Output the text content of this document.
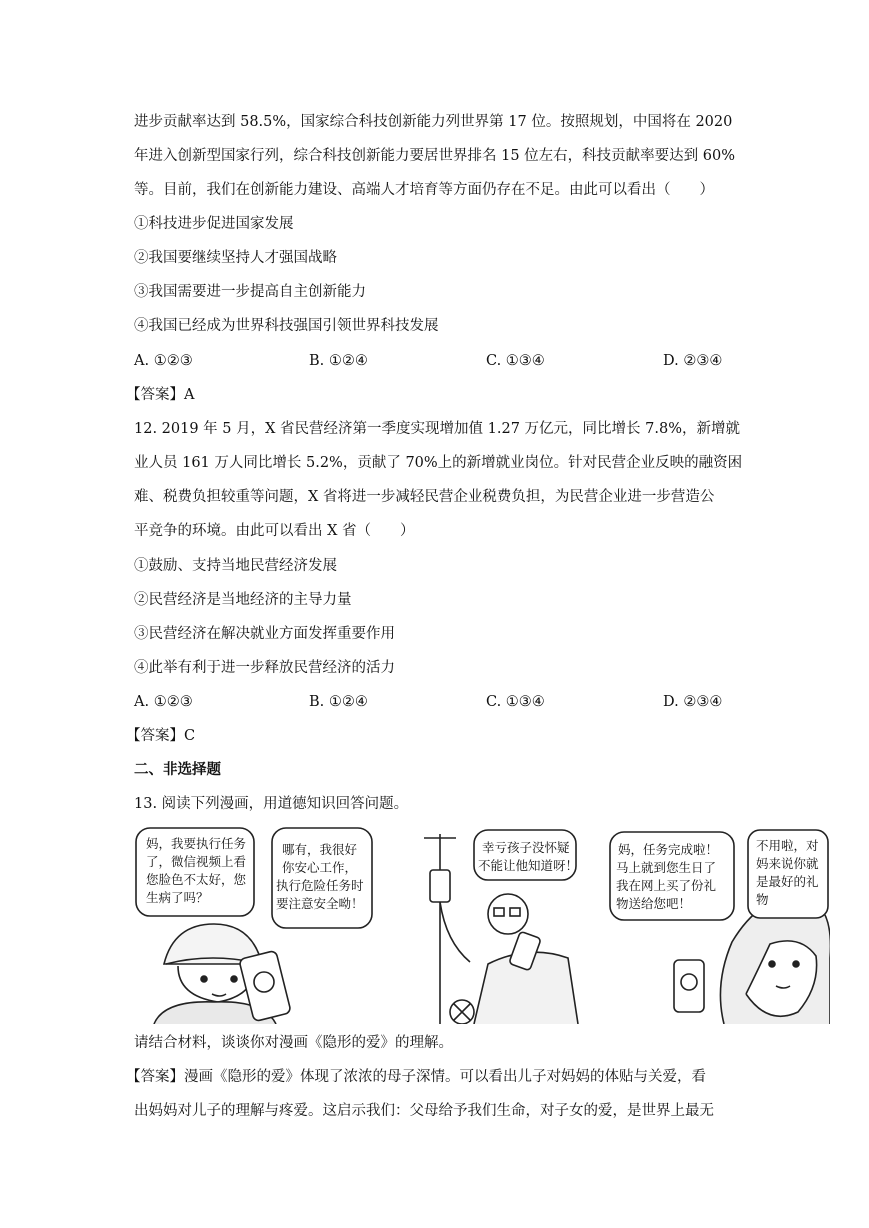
进步贡献率达到 58.5%，国家综合科技创新能力列世界第 17 位。按照规划，中国将在 2020
年进入创新型国家行列，综合科技创新能力要居世界排名 15 位左右，科技贡献率要达到 60%
等。目前，我们在创新能力建设、高端人才培育等方面仍存在不足。由此可以看出（　　）
①科技进步促进国家发展
②我国要继续坚持人才强国战略
③我国需要进一步提高自主创新能力
④我国已经成为世界科技强国引领世界科技发展
A. ①②③	B. ①②④	C. ①③④	D. ②③④
【答案】A
12. 2019 年 5 月，X 省民营经济第一季度实现增加值 1.27 万亿元，同比增长 7.8%，新增就
业人员 161 万人同比增长 5.2%，贡献了 70%上的新增就业岗位。针对民营企业反映的融资困
难、税费负担较重等问题，X 省将进一步减轻民营企业税费负担，为民营企业进一步营造公
平竞争的环境。由此可以看出 X 省（　　）
①鼓励、支持当地民营经济发展
②民营经济是当地经济的主导力量
③民营经济在解决就业方面发挥重要作用
④此举有利于进一步释放民营经济的活力
A. ①②③	B. ①②④	C. ①③④	D. ②③④
【答案】C
二、非选择题
13. 阅读下列漫画，用道德知识回答问题。
请结合材料，谈谈你对漫画《隐形的爱》的理解。
【答案】漫画《隐形的爱》体现了浓浓的母子深情。可以看出儿子对妈妈的体贴与关爱，看
出妈妈对儿子的理解与疼爱。这启示我们：父母给予我们生命，对子女的爱，是世界上最无
妈，我要执行任务
了，微信视频上看
您脸色不太好，您
生病了吗？
哪有，我很好
你安心工作，
执行危险任务时
要注意安全呦！
幸亏孩子没怀疑
不能让他知道呀！
妈，任务完成啦！
马上就到您生日了
我在网上买了份礼
物送给您吧！
不用啦，对
妈来说你就
是最好的礼
物
